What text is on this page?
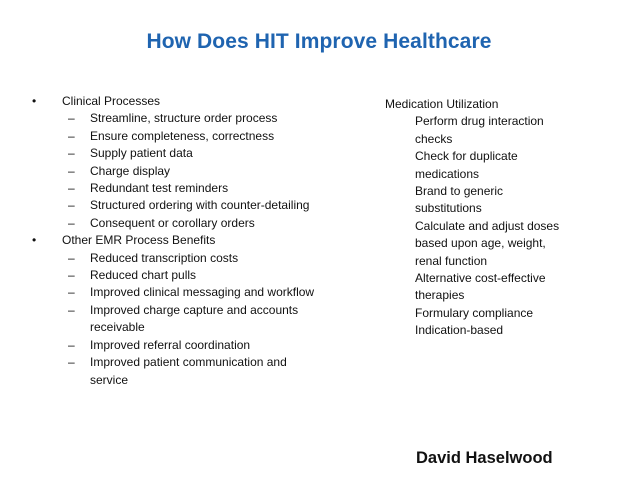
How Does HIT Improve Healthcare
• Clinical Processes
– Streamline, structure order process
– Ensure completeness, correctness
– Supply patient data
– Charge display
– Redundant test reminders
– Structured ordering with counter-detailing
– Consequent or corollary orders
• Other EMR Process Benefits
– Reduced transcription costs
– Reduced chart pulls
– Improved clinical messaging and workflow
– Improved charge capture and accounts
receivable
– Improved referral coordination
– Improved patient communication and
service
Medication Utilization
Perform drug interaction
checks
Check for duplicate
medications
Brand to generic
substitutions
Calculate and adjust doses
based upon age, weight,
renal function
Alternative cost-effective
therapies
Formulary compliance
Indication-based
David Haselwood
